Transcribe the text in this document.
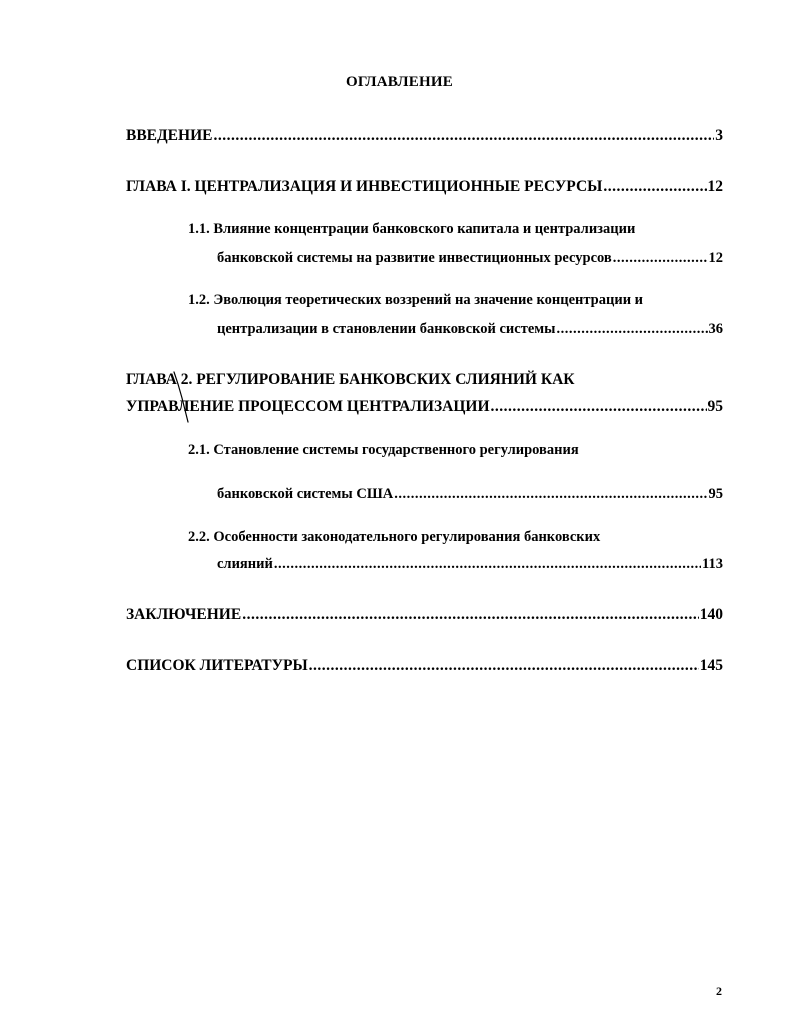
ОГЛАВЛЕНИЕ
ВВЕДЕНИЕ .....	3
ГЛАВА I. ЦЕНТРАЛИЗАЦИЯ И ИНВЕСТИЦИОННЫЕ РЕСУРСЫ .....	12
1.1. Влияние концентрации банковского капитала и централизации
банковской системы на развитие инвестиционных ресурсов .....	12
1.2. Эволюция теоретических воззрений на значение концентрации и
централизации в становлении банковской системы .....	36
ГЛАВА 2. РЕГУЛИРОВАНИЕ БАНКОВСКИХ СЛИЯНИЙ КАК
УПРАВЛЕНИЕ ПРОЦЕССОМ ЦЕНТРАЛИЗАЦИИ .....	95
2.1. Становление системы государственного регулирования
банковской системы США .....	95
2.2. Особенности законодательного регулирования банковских
слияний .....	113
ЗАКЛЮЧЕНИЕ .....	140
СПИСОК ЛИТЕРАТУРЫ .....	145
2
